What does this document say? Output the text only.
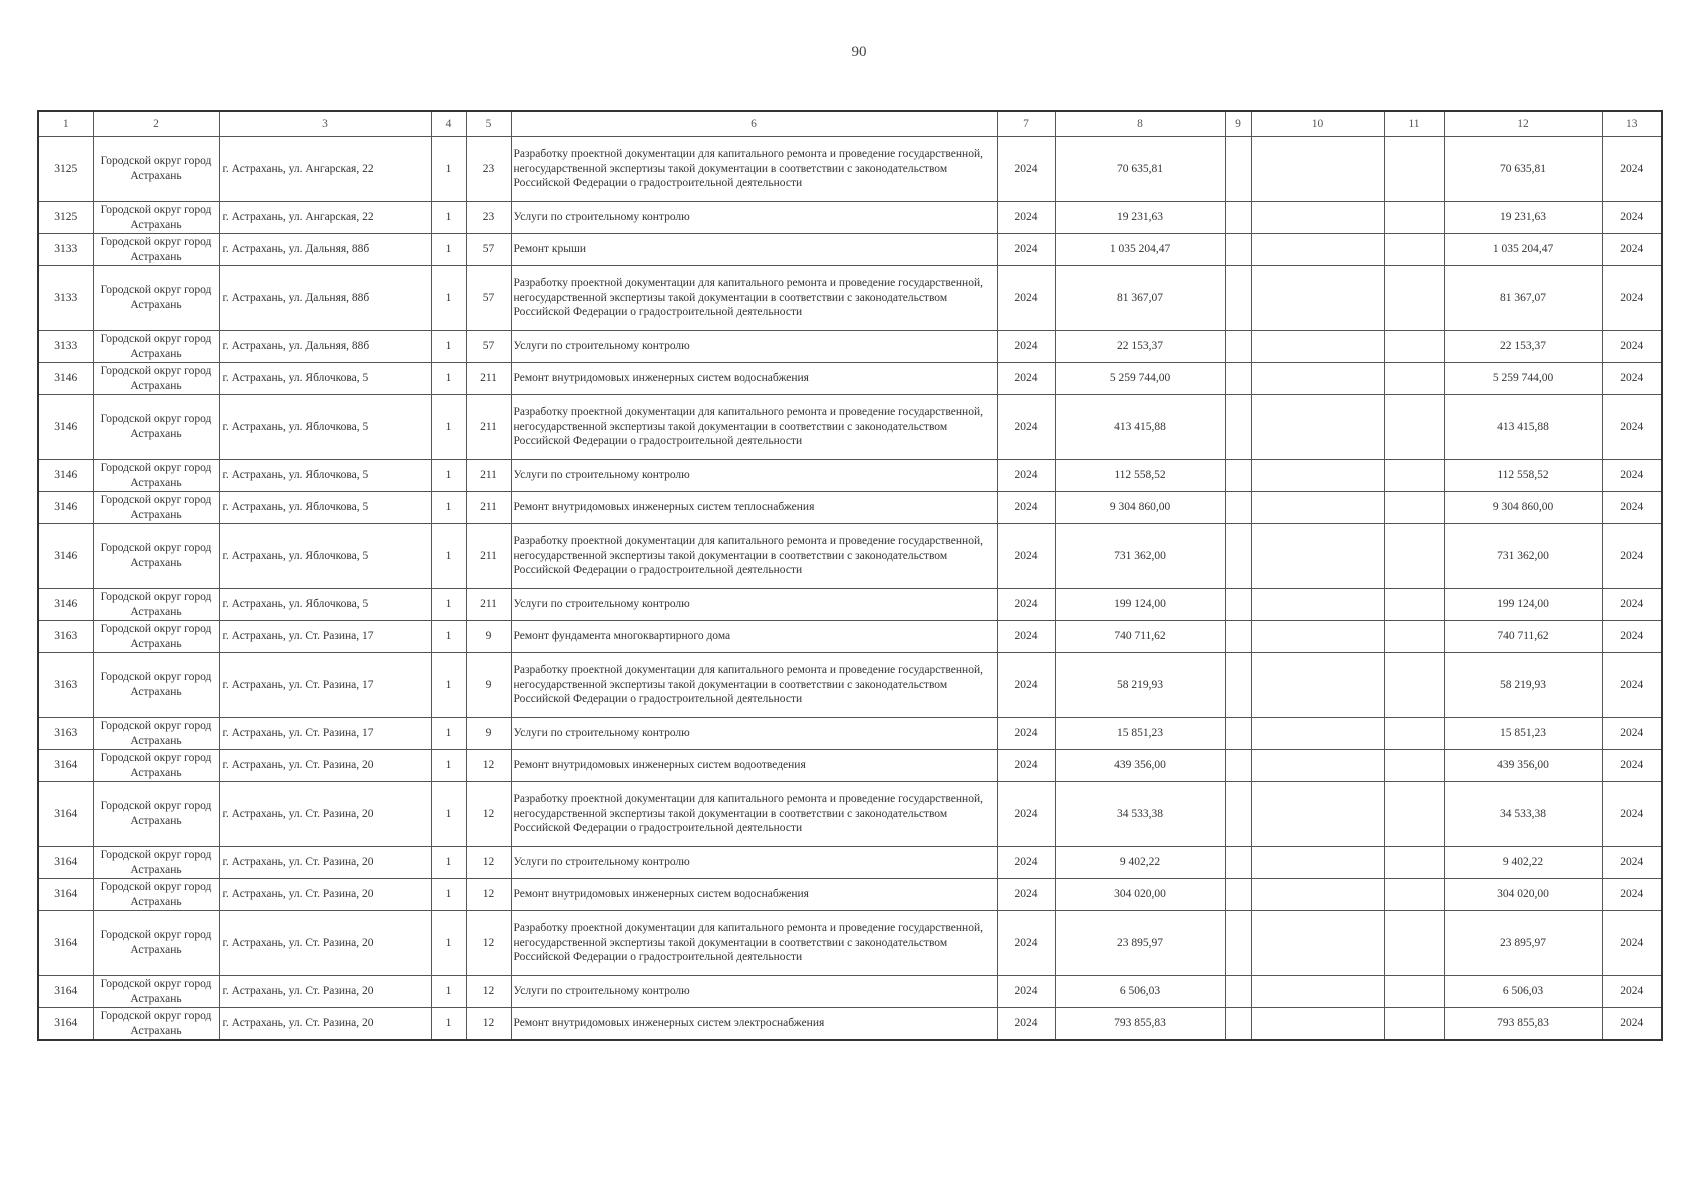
90
1	2	3	4	5	6	7	8	9	10	11	12	13
3125	Городской округ город Астрахань	г. Астрахань, ул. Ангарская, 22	1	23	Разработку проектной документации для капитального ремонта и проведение государственной, негосударственной экспертизы такой документации в соответствии с законодательством Российской Федерации о градостроительной деятельности	2024	70 635,81				70 635,81	2024
3125	Городской округ город Астрахань	г. Астрахань, ул. Ангарская, 22	1	23	Услуги по строительному контролю	2024	19 231,63				19 231,63	2024
3133	Городской округ город Астрахань	г. Астрахань, ул. Дальняя, 88б	1	57	Ремонт крыши	2024	1 035 204,47				1 035 204,47	2024
3133	Городской округ город Астрахань	г. Астрахань, ул. Дальняя, 88б	1	57	Разработку проектной документации для капитального ремонта и проведение государственной, негосударственной экспертизы такой документации в соответствии с законодательством Российской Федерации о градостроительной деятельности	2024	81 367,07				81 367,07	2024
3133	Городской округ город Астрахань	г. Астрахань, ул. Дальняя, 88б	1	57	Услуги по строительному контролю	2024	22 153,37				22 153,37	2024
3146	Городской округ город Астрахань	г. Астрахань, ул. Яблочкова, 5	1	211	Ремонт внутридомовых инженерных систем водоснабжения	2024	5 259 744,00				5 259 744,00	2024
3146	Городской округ город Астрахань	г. Астрахань, ул. Яблочкова, 5	1	211	Разработку проектной документации для капитального ремонта и проведение государственной, негосударственной экспертизы такой документации в соответствии с законодательством Российской Федерации о градостроительной деятельности	2024	413 415,88				413 415,88	2024
3146	Городской округ город Астрахань	г. Астрахань, ул. Яблочкова, 5	1	211	Услуги по строительному контролю	2024	112 558,52				112 558,52	2024
3146	Городской округ город Астрахань	г. Астрахань, ул. Яблочкова, 5	1	211	Ремонт внутридомовых инженерных систем теплоснабжения	2024	9 304 860,00				9 304 860,00	2024
3146	Городской округ город Астрахань	г. Астрахань, ул. Яблочкова, 5	1	211	Разработку проектной документации для капитального ремонта и проведение государственной, негосударственной экспертизы такой документации в соответствии с законодательством Российской Федерации о градостроительной деятельности	2024	731 362,00				731 362,00	2024
3146	Городской округ город Астрахань	г. Астрахань, ул. Яблочкова, 5	1	211	Услуги по строительному контролю	2024	199 124,00				199 124,00	2024
3163	Городской округ город Астрахань	г. Астрахань, ул. Ст. Разина, 17	1	9	Ремонт фундамента многоквартирного дома	2024	740 711,62				740 711,62	2024
3163	Городской округ город Астрахань	г. Астрахань, ул. Ст. Разина, 17	1	9	Разработку проектной документации для капитального ремонта и проведение государственной, негосударственной экспертизы такой документации в соответствии с законодательством Российской Федерации о градостроительной деятельности	2024	58 219,93				58 219,93	2024
3163	Городской округ город Астрахань	г. Астрахань, ул. Ст. Разина, 17	1	9	Услуги по строительному контролю	2024	15 851,23				15 851,23	2024
3164	Городской округ город Астрахань	г. Астрахань, ул. Ст. Разина, 20	1	12	Ремонт внутридомовых инженерных систем водоотведения	2024	439 356,00				439 356,00	2024
3164	Городской округ город Астрахань	г. Астрахань, ул. Ст. Разина, 20	1	12	Разработку проектной документации для капитального ремонта и проведение государственной, негосударственной экспертизы такой документации в соответствии с законодательством Российской Федерации о градостроительной деятельности	2024	34 533,38				34 533,38	2024
3164	Городской округ город Астрахань	г. Астрахань, ул. Ст. Разина, 20	1	12	Услуги по строительному контролю	2024	9 402,22				9 402,22	2024
3164	Городской округ город Астрахань	г. Астрахань, ул. Ст. Разина, 20	1	12	Ремонт внутридомовых инженерных систем водоснабжения	2024	304 020,00				304 020,00	2024
3164	Городской округ город Астрахань	г. Астрахань, ул. Ст. Разина, 20	1	12	Разработку проектной документации для капитального ремонта и проведение государственной, негосударственной экспертизы такой документации в соответствии с законодательством Российской Федерации о градостроительной деятельности	2024	23 895,97				23 895,97	2024
3164	Городской округ город Астрахань	г. Астрахань, ул. Ст. Разина, 20	1	12	Услуги по строительному контролю	2024	6 506,03				6 506,03	2024
3164	Городской округ город Астрахань	г. Астрахань, ул. Ст. Разина, 20	1	12	Ремонт внутридомовых инженерных систем электроснабжения	2024	793 855,83				793 855,83	2024
